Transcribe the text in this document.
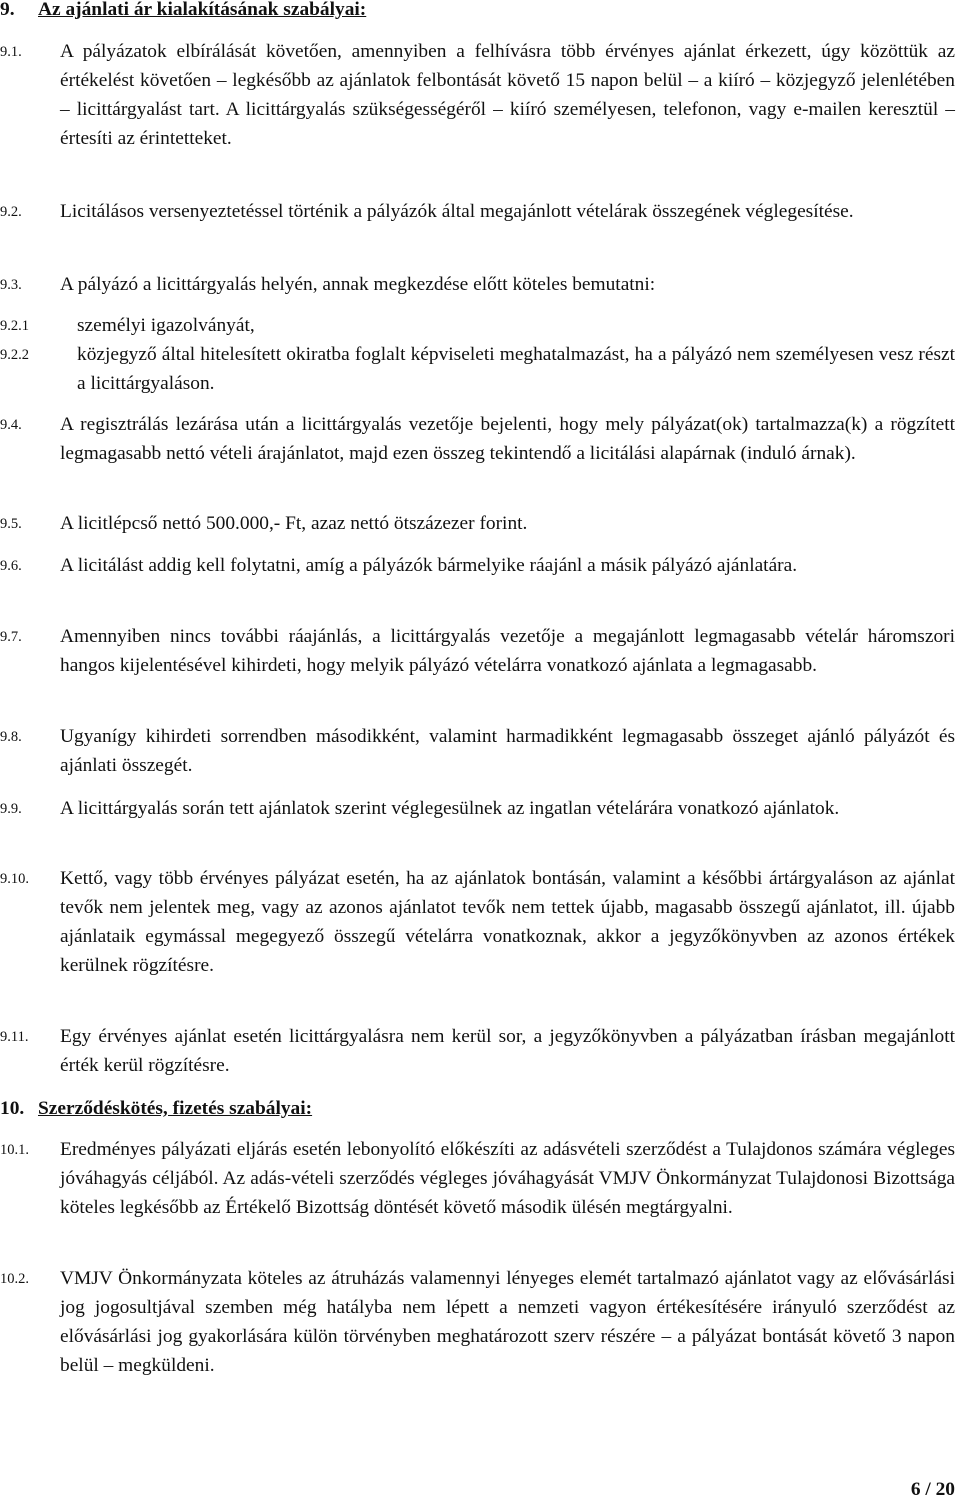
9. Az ajánlati ár kialakításának szabályai:
9.1. A pályázatok elbírálását követően, amennyiben a felhívásra több érvényes ajánlat érkezett, úgy közöttük az értékelést követően – legkésőbb az ajánlatok felbontását követő 15 napon belül – a kiíró – közjegyző jelenlétében – licittárgyalást tart. A licittárgyalás szükségességéről – kiíró személyesen, telefonon, vagy e-mailen keresztül – értesíti az érintetteket.
9.2. Licitálásos versenyeztetéssel történik a pályázók által megajánlott vételárak összegének véglegesítése.
9.3. A pályázó a licittárgyalás helyén, annak megkezdése előtt köteles bemutatni:
9.2.1 személyi igazolványát,
9.2.2 közjegyző által hitelesített okiratba foglalt képviseleti meghatalmazást, ha a pályázó nem személyesen vesz részt a licittárgyaláson.
9.4. A regisztrálás lezárása után a licittárgyalás vezetője bejelenti, hogy mely pályázat(ok) tartalmazza(k) a rögzített legmagasabb nettó vételi árajánlatot, majd ezen összeg tekintendő a licitálási alapárnak (induló árnak).
9.5. A licitlépcső nettó 500.000,- Ft, azaz nettó ötszázezer forint.
9.6. A licitálást addig kell folytatni, amíg a pályázók bármelyike ráajánl a másik pályázó ajánlatára.
9.7. Amennyiben nincs további ráajánlás, a licittárgyalás vezetője a megajánlott legmagasabb vételár háromszori hangos kijelentésével kihirdeti, hogy melyik pályázó vételárra vonatkozó ajánlata a legmagasabb.
9.8. Ugyanígy kihirdeti sorrendben másodikként, valamint harmadikként legmagasabb összeget ajánló pályázót és ajánlati összegét.
9.9. A licittárgyalás során tett ajánlatok szerint véglegesülnek az ingatlan vételárára vonatkozó ajánlatok.
9.10. Kettő, vagy több érvényes pályázat esetén, ha az ajánlatok bontásán, valamint a későbbi ártárgyaláson az ajánlat tevők nem jelentek meg, vagy az azonos ajánlatot tevők nem tettek újabb, magasabb összegű ajánlatot, ill. újabb ajánlataik egymással megegyező összegű vételárra vonatkoznak, akkor a jegyzőkönyvben az azonos értékek kerülnek rögzítésre.
9.11. Egy érvényes ajánlat esetén licittárgyalásra nem kerül sor, a jegyzőkönyvben a pályázatban írásban megajánlott érték kerül rögzítésre.
10. Szerződéskötés, fizetés szabályai:
10.1. Eredményes pályázati eljárás esetén lebonyolító előkészíti az adásvételi szerződést a Tulajdonos számára végleges jóváhagyás céljából. Az adás-vételi szerződés végleges jóváhagyását VMJV Önkormányzat Tulajdonosi Bizottsága köteles legkésőbb az Értékelő Bizottság döntését követő második ülésén megtárgyalni.
10.2. VMJV Önkormányzata köteles az átruházás valamennyi lényeges elemét tartalmazó ajánlatot vagy az elővásárlási jog jogosultjával szemben még hatályba nem lépett a nemzeti vagyon értékesítésére irányuló szerződést az elővásárlási jog gyakorlására külön törvényben meghatározott szerv részére – a pályázat bontását követő 3 napon belül – megküldeni.
6 / 20
